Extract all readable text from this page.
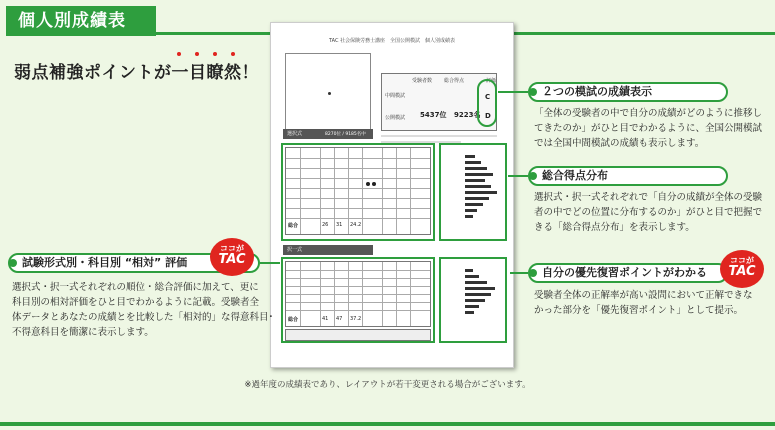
個人別成績表
弱点補強ポイントが一目瞭然！
TAC 社会保険労務士講座　全国公開模試　個人別成績表
受験者数 総合得点	評価
中間模試
公開模試 5437位 9223名
C
D
選択式	8270位 / 9185名中
総合	26 31 24.2
択一式
総合	41 47 37.2
２つの模試の成績表示
「全体の受験者の中で自分の成績がどのように推移し
てきたのか」がひと目でわかるように、全国公開模試
では全国中間模試の成績も表示します。
総合得点分布
選択式・択一式それぞれで「自分の成績が全体の受験
者の中でどの位置に分布するのか」がひと目で把握で
きる「総合得点分布」を表示します。
自分の優先復習ポイントがわかる
ココが
TAC
受験者全体の正解率が高い設問において正解できな
かった部分を「優先復習ポイント」として提示。
試験形式別・科目別 “相対” 評価
ココが
TAC
選択式・択一式それぞれの順位・総合評価に加えて、更に
科目別の相対評価をひと目でわかるように記載。受験者全
体データとあなたの成績とを比較した「相対的」な得意科目･
不得意科目を簡潔に表示します。
※過年度の成績表であり、レイアウトが若干変更される場合がございます。
